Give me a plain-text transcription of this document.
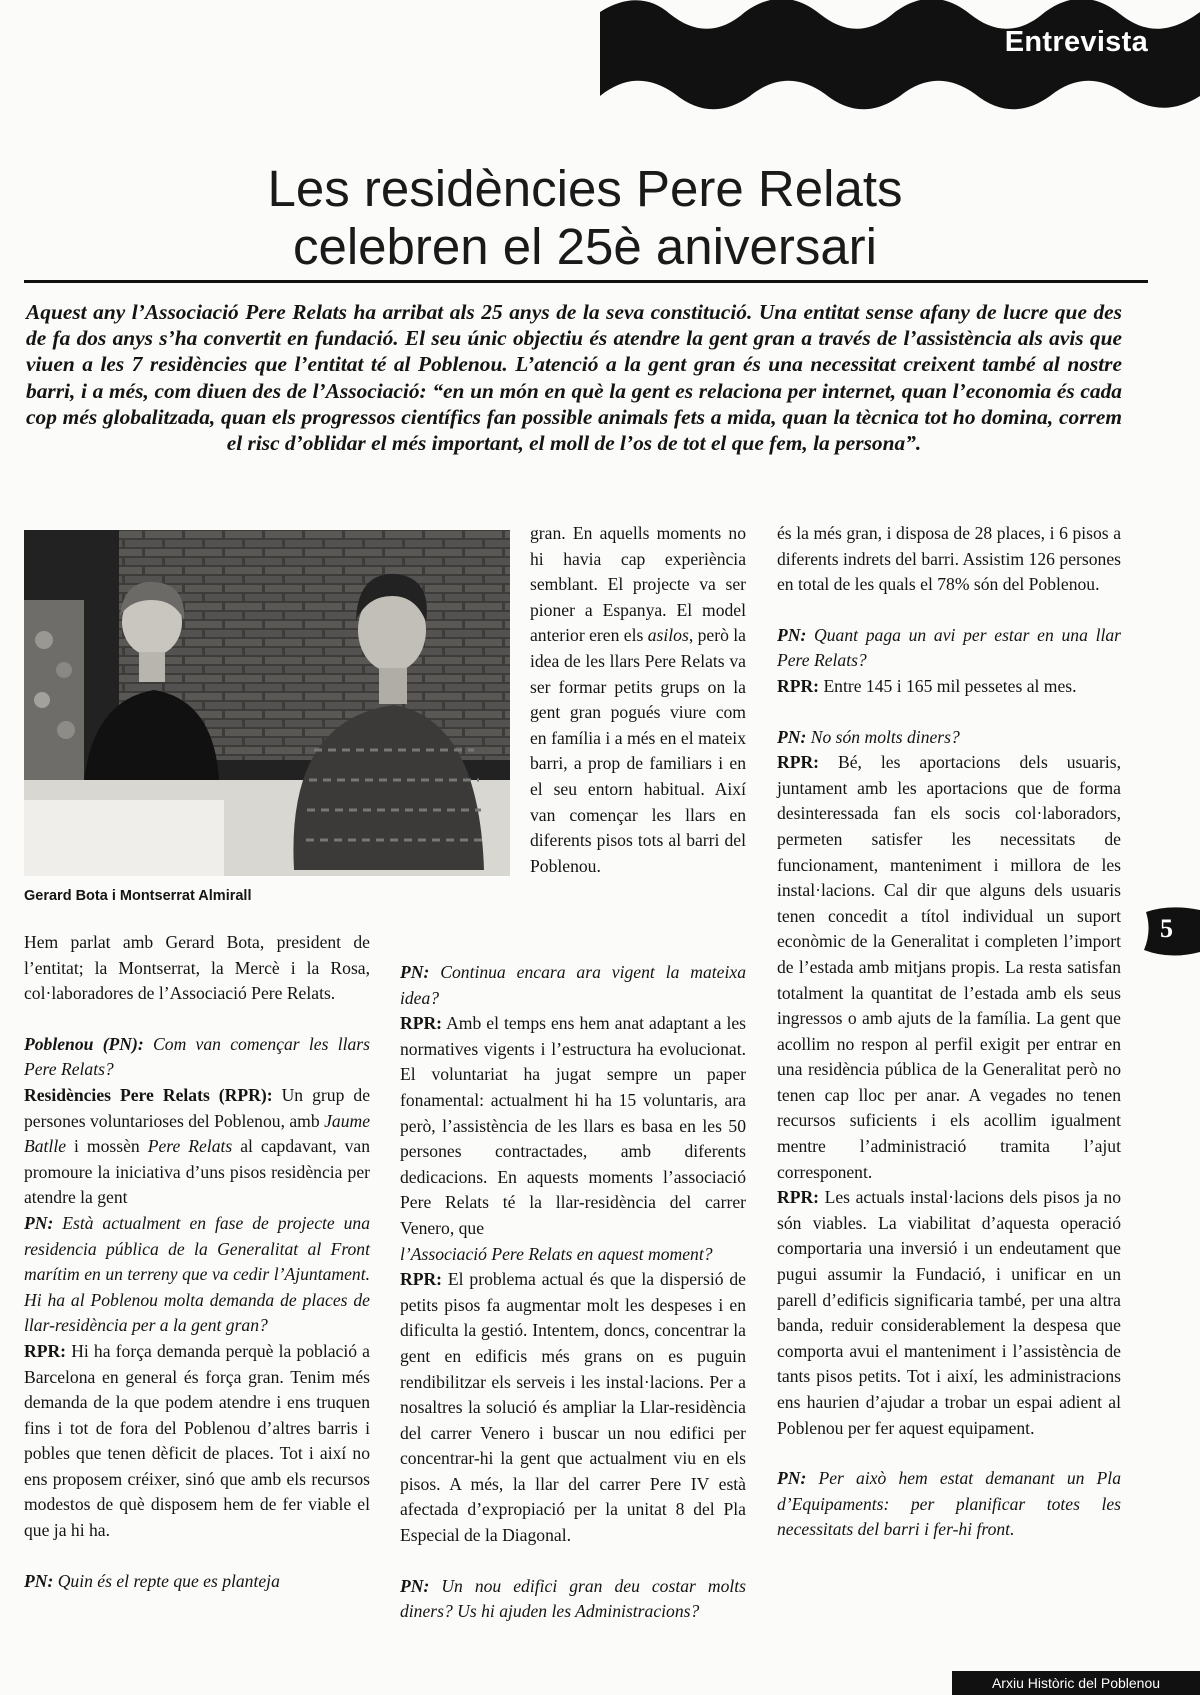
Entrevista
Les residències Pere Relats
celebren el 25è aniversari
Aquest any l’Associació Pere Relats ha arribat als 25 anys de la seva constitució. Una entitat sense afany de lucre que des de fa dos anys s’ha convertit en fundació. El seu únic objectiu és atendre la gent gran a través de l’assistència als avis que viuen a les 7 residències que l’entitat té al Poblenou. L’atenció a la gent gran és una necessitat creixent també al nostre barri, i a més, com diuen des de l’Associació: “en un món en què la gent es relaciona per internet, quan l’economia és cada cop més globalitzada, quan els progressos científics fan possible animals fets a mida, quan la tècnica tot ho domina, correm el risc d’oblidar el més important, el moll de l’os de tot el que fem, la persona”.
Gerard Bota i Montserrat Almirall

Hem parlat amb Gerard Bota, president de l’entitat; la Montserrat, la Mercè i la Rosa, col·laboradores de l’Associació Pere Relats.

Poblenou (PN): Com van començar les llars Pere Relats?

Residències Pere Relats (RPR): Un grup de persones voluntarioses del Poblenou, amb Jaume Batlle i mossèn Pere Relats al capdavant, van promoure la iniciativa d’uns pisos residència per atendre la gent

PN: Està actualment en fase de projecte una residencia pública de la Generalitat al Front marítim en un terreny que va cedir l’Ajuntament. Hi ha al Poblenou molta demanda de places de llar-residència per a la gent gran?

RPR: Hi ha força demanda perquè la població a Barcelona en general és força gran. Tenim més demanda de la que podem atendre i ens truquen fins i tot de fora del Poblenou d’altres barris i pobles que tenen dèficit de places. Tot i així no ens proposem créixer, sinó que amb els recursos modestos de què disposem hem de fer viable el que ja hi ha.

PN: Quin és el repte que es planteja

gran. En aquells moments no hi havia cap experiència semblant. El projecte va ser pioner a Espanya. El model anterior eren els asilos, però la idea de les llars Pere Relats va ser formar petits grups on la gent gran pogués viure com en família i a més en el mateix barri, a prop de familiars i en el seu entorn habitual. Així van començar les llars en diferents pisos tots al barri del Poblenou.

PN: Continua encara ara vigent la mateixa idea?

RPR: Amb el temps ens hem anat adaptant a les normatives vigents i l’estructura ha evolucionat. El voluntariat ha jugat sempre un paper fonamental: actualment hi ha 15 voluntaris, ara però, l’assistència de les llars es basa en les 50 persones contractades, amb diferents dedicacions. En aquests moments l’associació Pere Relats té la llar-residència del carrer Venero, que

l’Associació Pere Relats en aquest moment?

RPR: El problema actual és que la dispersió de petits pisos fa augmentar molt les despeses i en dificulta la gestió. Intentem, doncs, concentrar la gent en edificis més grans on es puguin rendibilitzar els serveis i les instal·lacions. Per a nosaltres la solució és ampliar la Llar-residència del carrer Venero i buscar un nou edifici per concentrar-hi la gent que actualment viu en els pisos. A més, la llar del carrer Pere IV està afectada d’expropiació per la unitat 8 del Pla Especial de la Diagonal.

PN: Un nou edifici gran deu costar molts diners? Us hi ajuden les Administracions?

és la més gran, i disposa de 28 places, i 6 pisos a diferents indrets del barri. Assistim 126 persones en total de les quals el 78% són del Poblenou.

PN: Quant paga un avi per estar en una llar Pere Relats?

RPR: Entre 145 i 165 mil pessetes al mes.

PN: No són molts diners?

RPR: Bé, les aportacions dels usuaris, juntament amb les aportacions que de forma desinteressada fan els socis col·laboradors, permeten satisfer les necessitats de funcionament, manteniment i millora de les instal·lacions. Cal dir que alguns dels usuaris tenen concedit a títol individual un suport econòmic de la Generalitat i completen l’import de l’estada amb mitjans propis. La resta satisfan totalment la quantitat de l’estada amb els seus ingressos o amb ajuts de la família. La gent que acollim no respon al perfil exigit per entrar en una residència pública de la Generalitat però no tenen cap lloc per anar. A vegades no tenen recursos suficients i els acollim igualment mentre l’administració tramita l’ajut corresponent.

RPR: Les actuals instal·lacions dels pisos ja no són viables. La viabilitat d’aquesta operació comportaria una inversió i un endeutament que pugui assumir la Fundació, i unificar en un parell d’edificis significaria també, per una altra banda, reduir considerablement la despesa que comporta avui el manteniment i l’assistència de tants pisos petits. Tot i així, les administracions ens haurien d’ajudar a trobar un espai adient al Poblenou per fer aquest equipament.

PN: Per això hem estat demanant un Pla d’Equipaments: per planificar totes les necessitats del barri i fer-hi front.

5
Arxiu Històric del Poblenou
